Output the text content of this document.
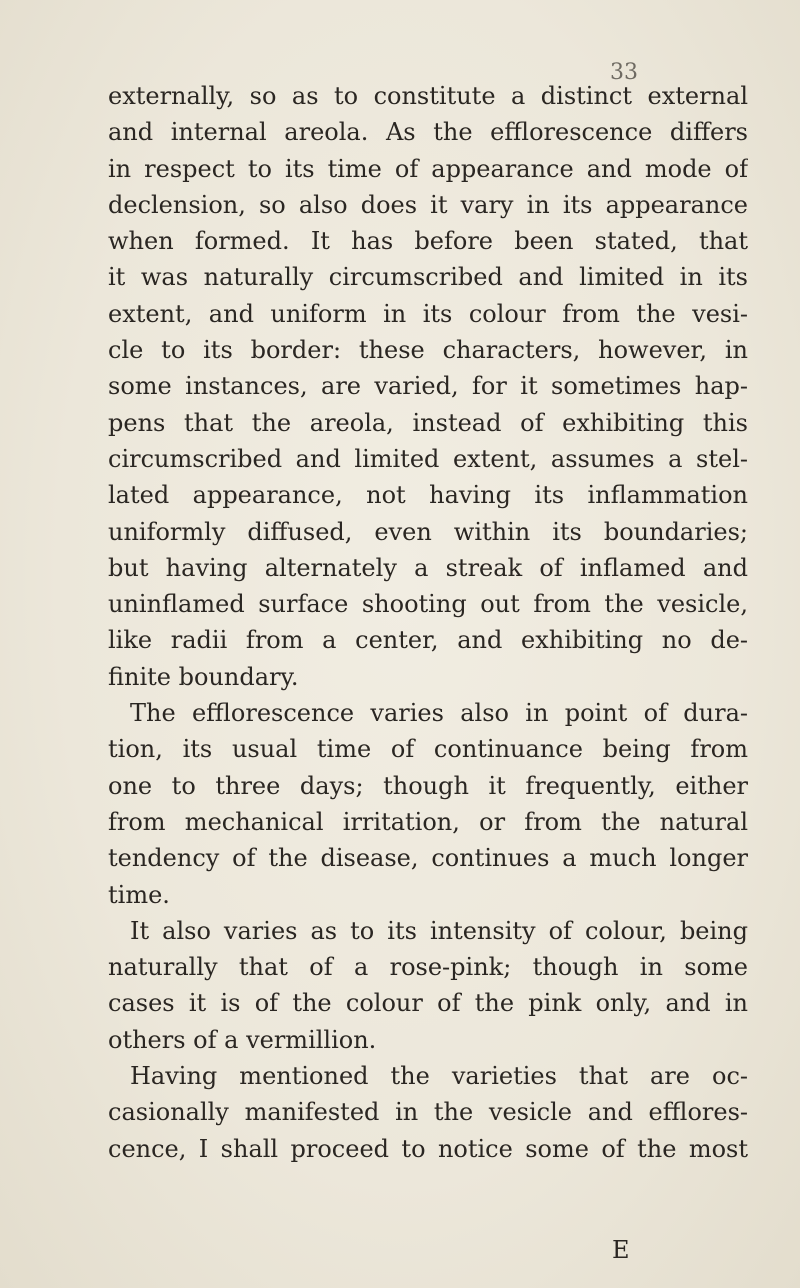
33
externally, so as to constitute a distinct external
and internal areola. As the efflorescence differs
in respect to its time of appearance and mode of
declension, so also does it vary in its appearance
when formed. It has before been stated, that
it was naturally circumscribed and limited in its
extent, and uniform in its colour from the vesi-
cle to its border: these characters, however, in
some instances, are varied, for it sometimes hap-
pens that the areola, instead of exhibiting this
circumscribed and limited extent, assumes a stel-
lated appearance, not having its inflammation
uniformly diffused, even within its boundaries;
but having alternately a streak of inflamed and
uninflamed surface shooting out from the vesicle,
like radii from a center, and exhibiting no de-
finite boundary.
The efflorescence varies also in point of dura-
tion, its usual time of continuance being from
one to three days; though it frequently, either
from mechanical irritation, or from the natural
tendency of the disease, continues a much longer
time.
It also varies as to its intensity of colour, being
naturally that of a rose-pink; though in some
cases it is of the colour of the pink only, and in
others of a vermillion.
Having mentioned the varieties that are oc-
casionally manifested in the vesicle and efflores-
cence, I shall proceed to notice some of the most
E
